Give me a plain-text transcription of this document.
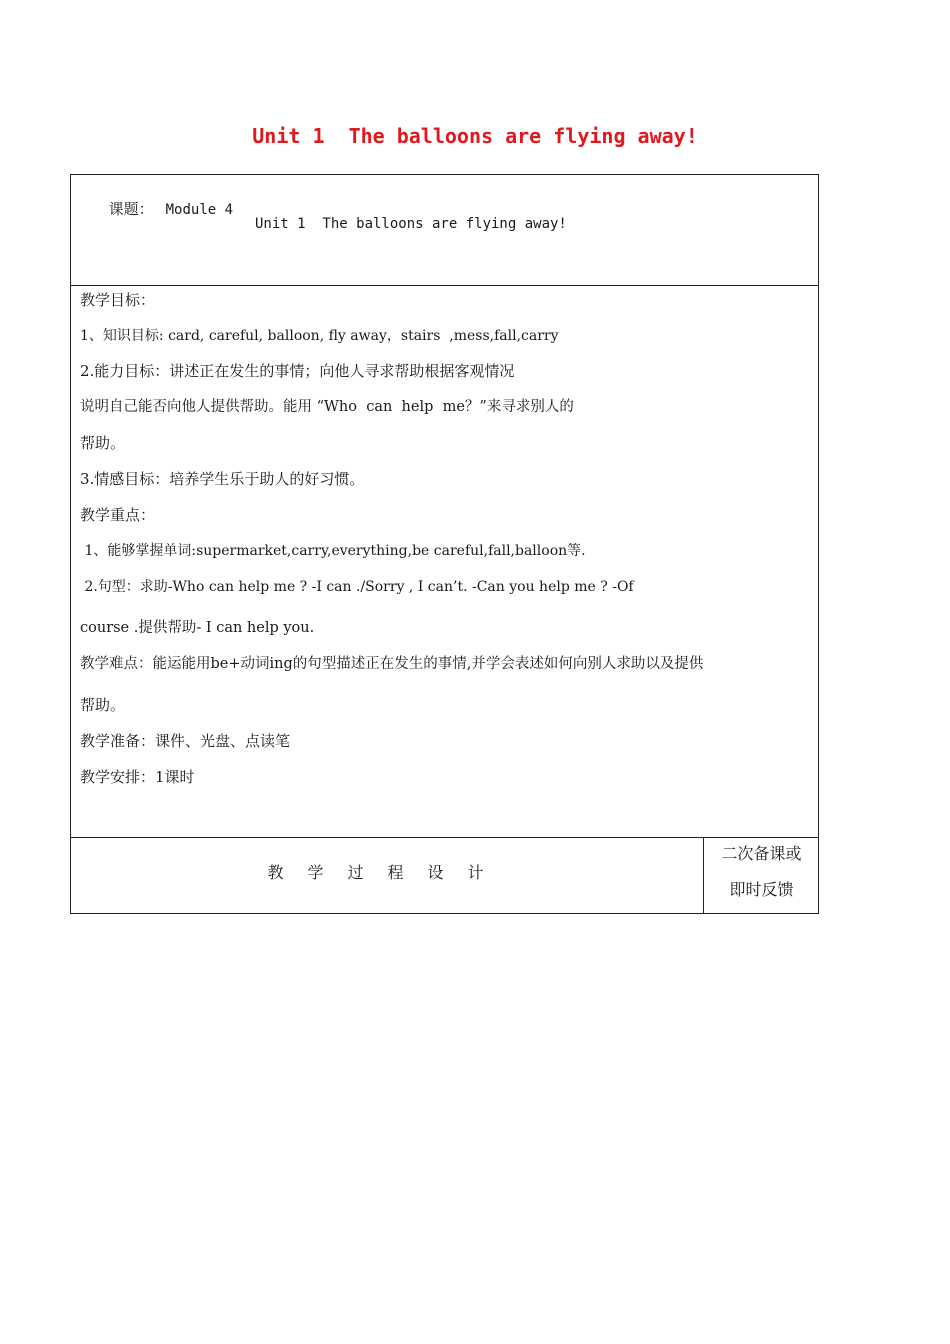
Unit 1  The balloons are flying away!

课题： Module 4

Unit 1  The balloons are flying away!
教学目标：
1、知识目标: card, careful, balloon, fly away，stairs  ,mess,fall,carry
2.能力目标：讲述正在发生的事情；向他人寻求帮助根据客观情况
说明自己能否向他人提供帮助。能用 “Who  can  help  me？”来寻求别人的
帮助。
3.情感目标：培养学生乐于助人的好习惯。
教学重点：
1、能够掌握单词:supermarket,carry,everything,be careful,fall,balloon等.
2.句型：求助-Who can help me ? -I can ./Sorry , I can’t. -Can you help me ? -Of
course .提供帮助- I can help you.
教学难点：能运能用be+动词ing的句型描述正在发生的事情,并学会表述如何向别人求助以及提供
帮助。
教学准备：课件、光盘、点读笔
教学安排：1课时
教学过程设计
二次备课或
即时反馈
